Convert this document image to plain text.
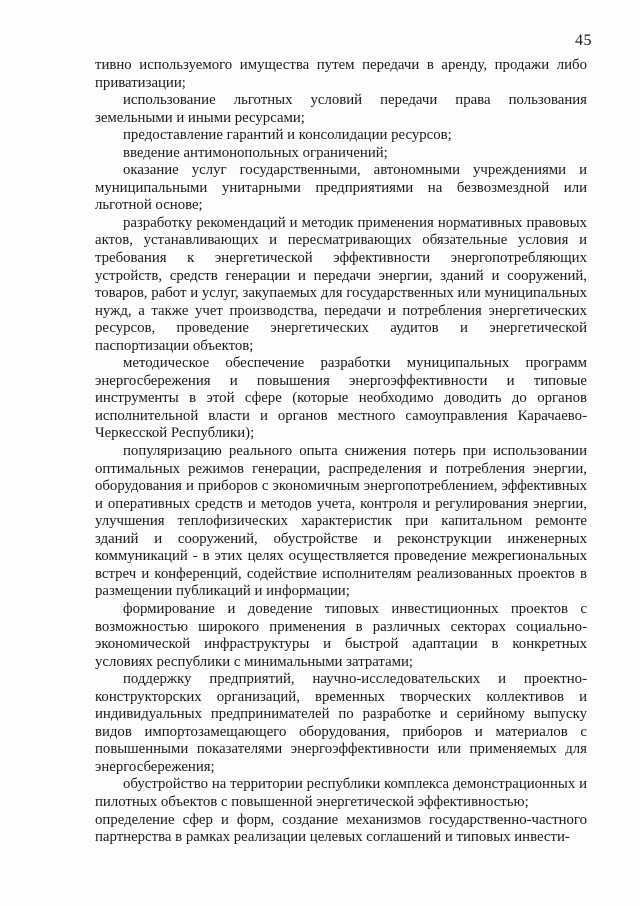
45

тивно используемого имущества путем передачи в аренду, продажи либо приватизации;

использование льготных условий передачи права пользования земельными и иными ресурсами;

предоставление гарантий и консолидации ресурсов;

введение антимонопольных ограничений;

оказание услуг государственными, автономными учреждениями и муниципальными унитарными предприятиями на безвозмездной или льготной основе;

разработку рекомендаций и методик применения нормативных правовых актов, устанавливающих и пересматривающих обязательные условия и требования к энергетической эффективности энергопотребляющих устройств, средств генерации и передачи энергии, зданий и сооружений, товаров, работ и услуг, закупаемых для государственных или муниципальных нужд, а также учет производства, передачи и потребления энергетических ресурсов, проведение энергетических аудитов и энергетической паспортизации объектов;

методическое обеспечение разработки муниципальных программ энергосбережения и повышения энергоэффективности и типовые инструменты в этой сфере (которые необходимо доводить до органов исполнительной власти и органов местного самоуправления Карачаево-Черкесской Республики);

популяризацию реального опыта снижения потерь при использовании оптимальных режимов генерации, распределения и потребления энергии, оборудования и приборов с экономичным энергопотреблением, эффективных и оперативных средств и методов учета, контроля и регулирования энергии, улучшения теплофизических характеристик при капитальном ремонте зданий и сооружений, обустройстве и реконструкции инженерных коммуникаций - в этих целях осуществляется проведение межрегиональных встреч и конференций, содействие исполнителям реализованных проектов в размещении публикаций и информации;

формирование и доведение типовых инвестиционных проектов с возможностью широкого применения в различных секторах социально-экономической инфраструктуры и быстрой адаптации в конкретных условиях республики с минимальными затратами;

поддержку предприятий, научно-исследовательских и проектно-конструкторских организаций, временных творческих коллективов и индивидуальных предпринимателей по разработке и серийному выпуску видов импортозамещающего оборудования, приборов и материалов с повышенными показателями энергоэффективности или применяемых для энергосбережения;

обустройство на территории республики комплекса демонстрационных и пилотных объектов с повышенной энергетической эффективностью;

определение сфер и форм, создание механизмов государственно-частного партнерства в рамках реализации целевых соглашений и типовых инвести-
